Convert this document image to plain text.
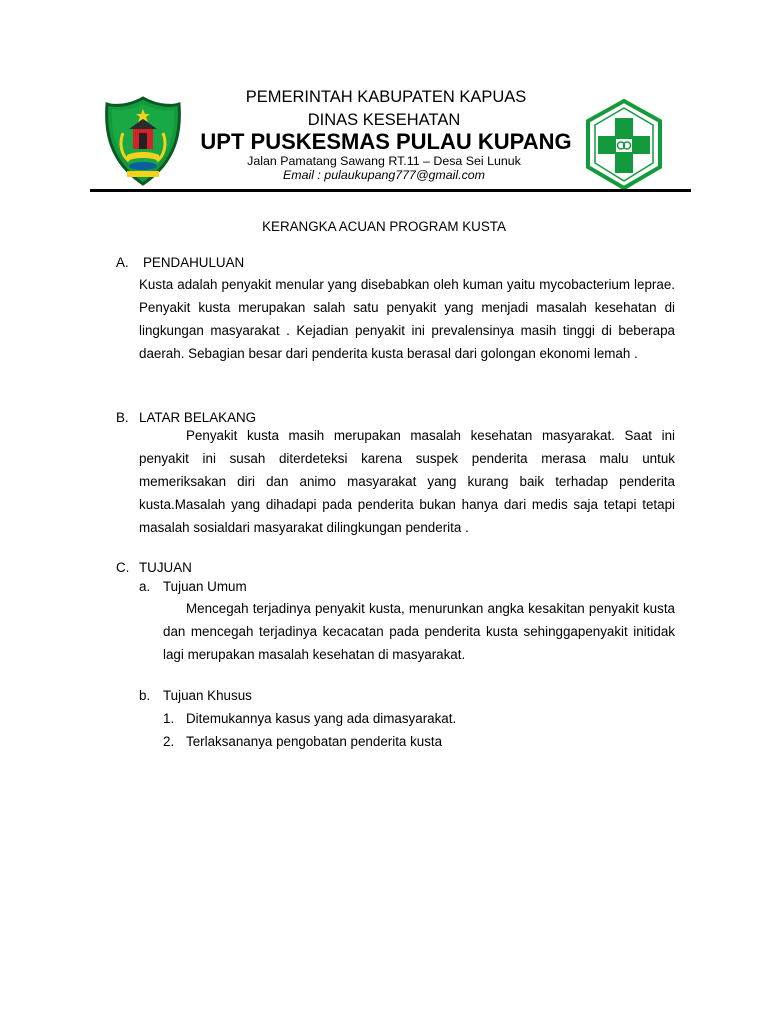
PEMERINTAH KABUPATEN KAPUAS
DINAS KESEHATAN
UPT PUSKESMAS PULAU KUPANG
Jalan Pamatang Sawang RT.11 – Desa Sei Lunuk
Email : pulaukupang777@gmail.com
KERANGKA ACUAN PROGRAM KUSTA
A. PENDAHULUAN
Kusta adalah penyakit menular yang disebabkan oleh kuman yaitu mycobacterium leprae. Penyakit kusta merupakan salah satu penyakit yang menjadi masalah kesehatan di lingkungan masyarakat . Kejadian penyakit ini prevalensinya masih tinggi di beberapa daerah. Sebagian besar dari penderita kusta berasal dari golongan ekonomi lemah .
B. LATAR BELAKANG
Penyakit kusta masih merupakan masalah kesehatan masyarakat. Saat ini penyakit ini susah diterdeteksi karena suspek penderita merasa malu untuk memeriksakan diri dan animo masyarakat yang kurang baik terhadap penderita kusta.Masalah yang dihadapi pada penderita bukan hanya dari medis saja tetapi tetapi masalah sosialdari masyarakat dilingkungan penderita .
C. TUJUAN
a. Tujuan Umum
Mencegah terjadinya penyakit kusta, menurunkan angka kesakitan penyakit kusta dan mencegah terjadinya kecacatan pada penderita kusta sehinggapenyakit initidak lagi merupakan masalah kesehatan di masyarakat.
b. Tujuan Khusus
1. Ditemukannya kasus yang ada dimasyarakat.
2. Terlaksananya pengobatan penderita kusta
